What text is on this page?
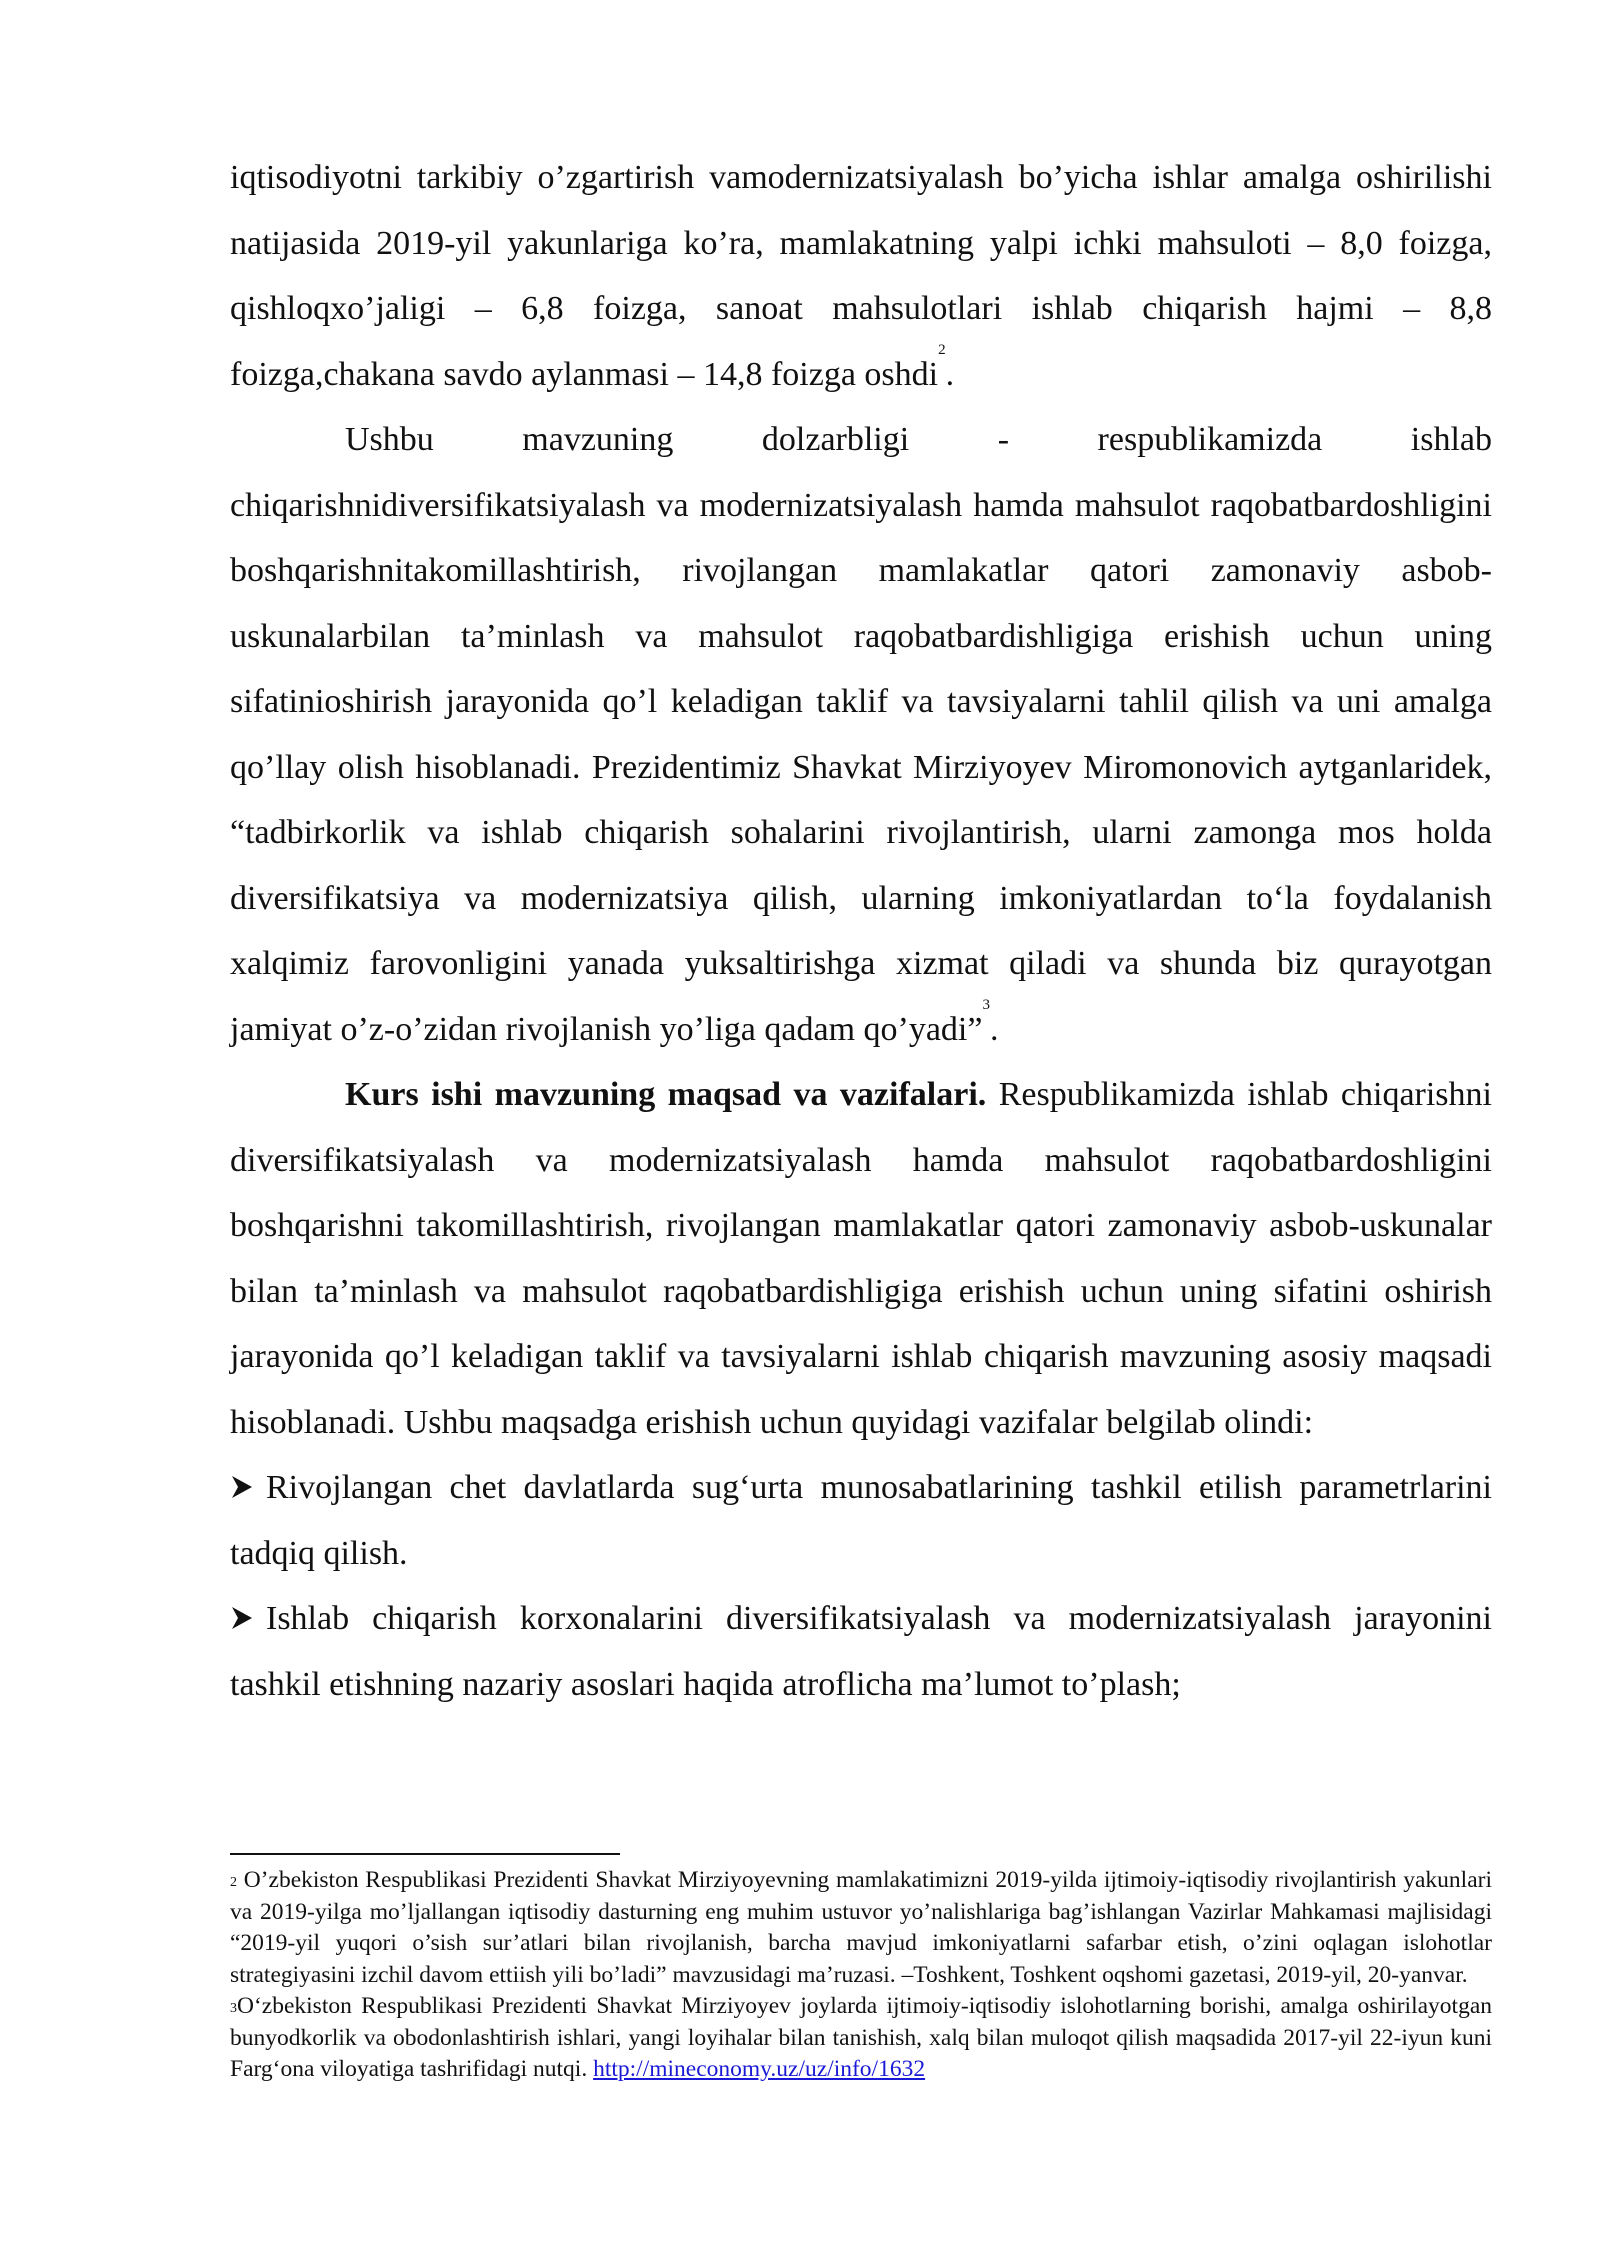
iqtisodiyotni tarkibiy o’zgartirish vamodernizatsiyalash bo’yicha ishlar amalga oshirilishi natijasida 2019-yil yakunlariga ko’ra, mamlakatning yalpi ichki mahsuloti – 8,0 foizga, qishloqxo’jaligi – 6,8 foizga, sanoat mahsulotlari ishlab chiqarish hajmi – 8,8 foizga,chakana savdo aylanmasi – 14,8 foizga oshdi$^2$.

Ushbu mavzuning dolzarbligi - respublikamizda ishlab chiqarishnidiversifikatsiyalash va modernizatsiyalash hamda mahsulot raqobatbardoshligini boshqarishnitakomillashtirish, rivojlangan mamlakatlar qatori zamonaviy asbob-uskunalarbilan ta’minlash va mahsulot raqobatbardishligiga erishish uchun uning sifatinioshirish jarayonida qo’l keladigan taklif va tavsiyalarni tahlil qilish va uni amalga qo’llay olish hisoblanadi. Prezidentimiz Shavkat Mirziyoyev Miromonovich aytganlaridek, “tadbirkorlik va ishlab chiqarish sohalarini rivojlantirish, ularni zamonga mos holda diversifikatsiya va modernizatsiya qilish, ularning imkoniyatlardan to‘la foydalanish xalqimiz farovonligini yanada yuksaltirishga xizmat qiladi va shunda biz qurayotgan jamiyat o’z-o’zidan rivojlanish yo’liga qadam qo’yadi”$^3$.

Kurs ishi mavzuning maqsad va vazifalari. Respublikamizda ishlab chiqarishni diversifikatsiyalash va modernizatsiyalash hamda mahsulot raqobatbardoshligini boshqarishni takomillashtirish, rivojlangan mamlakatlar qatori zamonaviy asbob-uskunalar bilan ta’minlash va mahsulot raqobatbardishligiga erishish uchun uning sifatini oshirish jarayonida qo’l keladigan taklif va tavsiyalarni ishlab chiqarish mavzuning asosiy maqsadi hisoblanadi. Ushbu maqsadga erishish uchun quyidagi vazifalar belgilab olindi:

Rivojlangan chet davlatlarda sug‘urta munosabatlarining tashkil etilish parametrlarini tadqiq qilish.

Ishlab chiqarish korxonalarini diversifikatsiyalash va modernizatsiyalash jarayonini tashkil etishning nazariy asoslari haqida atroflicha ma’lumot to’plash;

$^2$ O’zbekiston Respublikasi Prezidenti Shavkat Mirziyoyevning mamlakatimizni 2019-yilda ijtimoiy-iqtisodiy rivojlantirish yakunlari va 2019-yilga mo’ljallangan iqtisodiy dasturning eng muhim ustuvor yo’nalishlariga bag’ishlangan Vazirlar Mahkamasi majlisidagi “2019-yil yuqori o’sish sur’atlari bilan rivojlanish, barcha mavjud imkoniyatlarni safarbar etish, o’zini oqlagan islohotlar strategiyasini izchil davom ettiish yili bo’ladi” mavzusidagi ma’ruzasi. –Toshkent, Toshkent oqshomi gazetasi, 2019-yil, 20-yanvar.

$^3$O‘zbekiston Respublikasi Prezidenti Shavkat Mirziyoyev joylarda ijtimoiy-iqtisodiy islohotlarning borishi, amalga oshirilayotgan bunyodkorlik va obodonlashtirish ishlari, yangi loyihalar bilan tanishish, xalq bilan muloqot qilish maqsadida 2017-yil 22-iyun kuni Farg‘ona viloyatiga tashrifidagi nutqi. http://mineconomy.uz/uz/info/1632
